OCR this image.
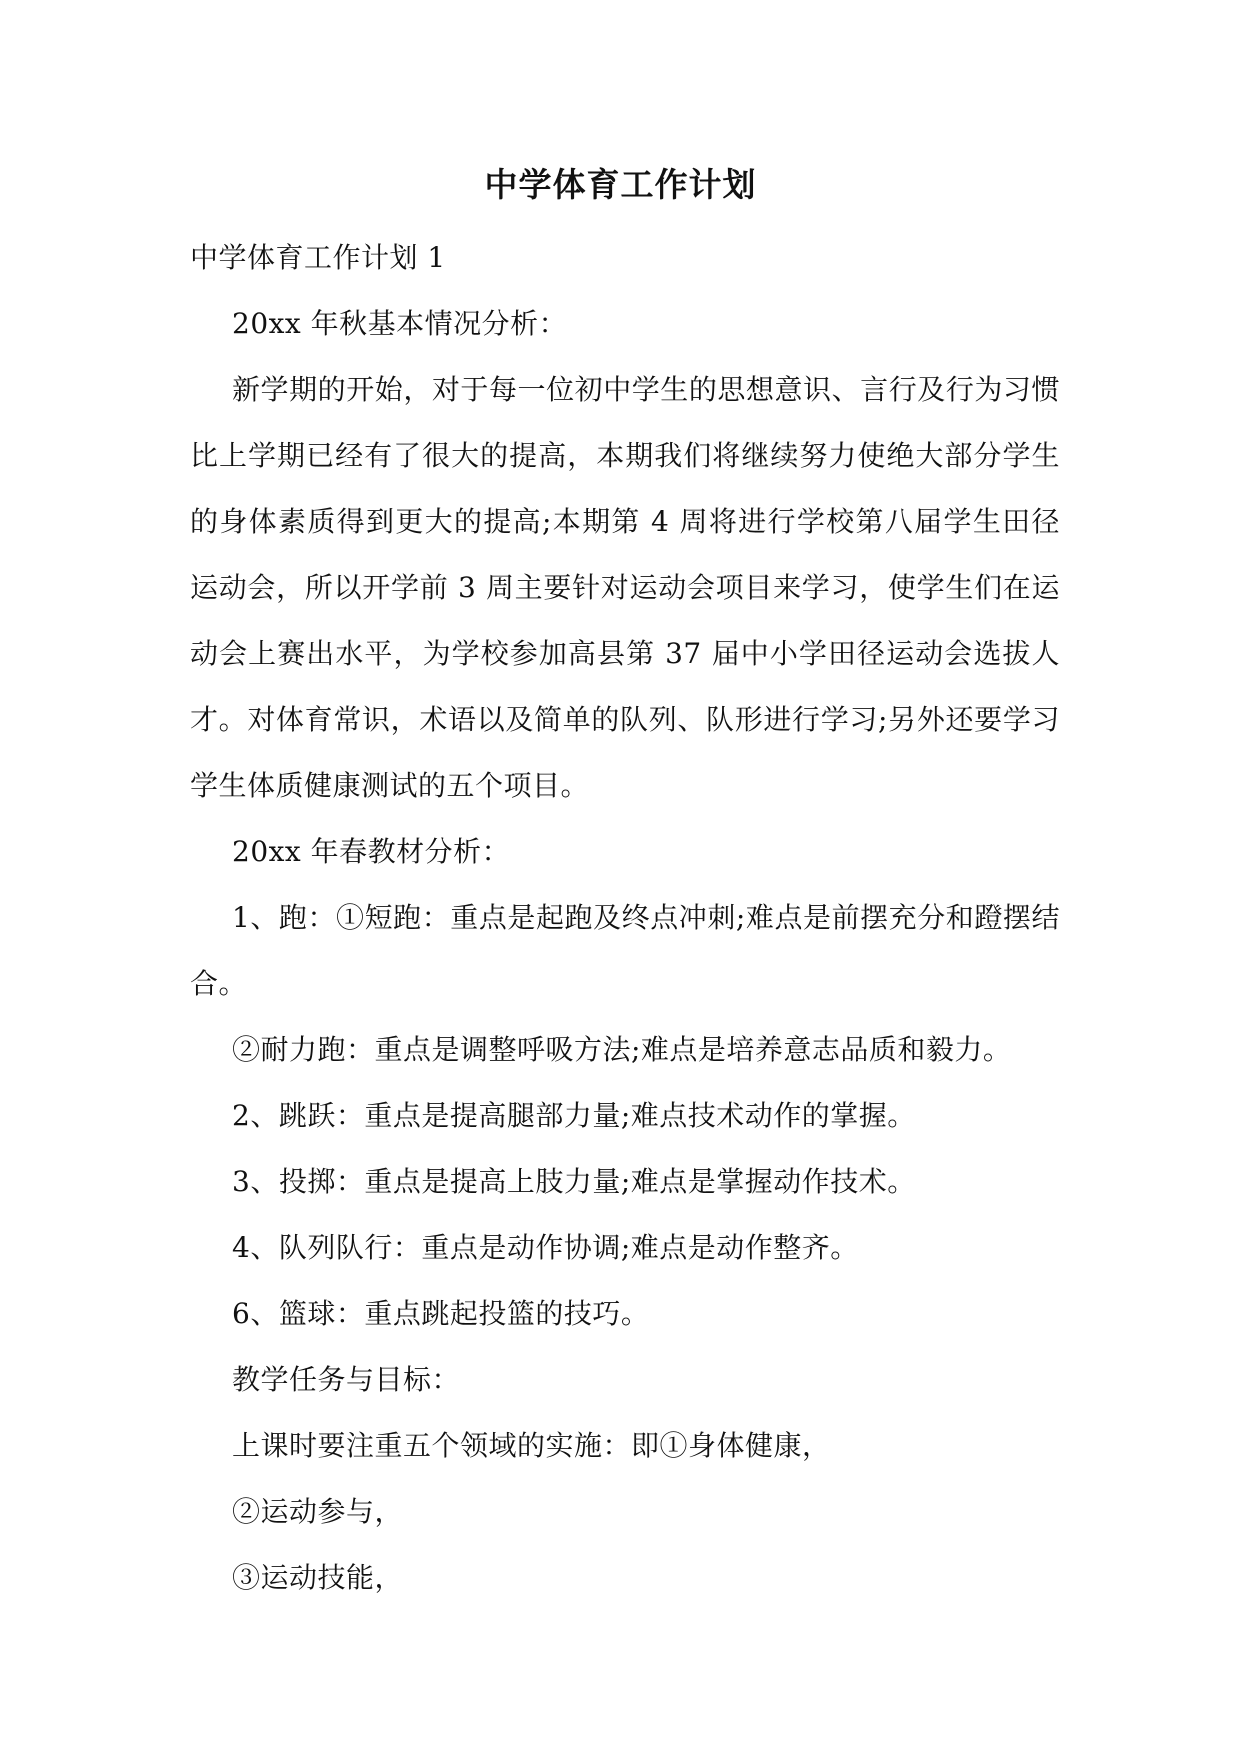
中学体育工作计划

中学体育工作计划 1

20xx 年秋基本情况分析：

新学期的开始，对于每一位初中学生的思想意识、言行及行为习惯比上学期已经有了很大的提高，本期我们将继续努力使绝大部分学生的身体素质得到更大的提高;本期第 4 周将进行学校第八届学生田径运动会，所以开学前 3 周主要针对运动会项目来学习，使学生们在运动会上赛出水平，为学校参加高县第 37 届中小学田径运动会选拔人才。对体育常识，术语以及简单的队列、队形进行学习;另外还要学习学生体质健康测试的五个项目。

20xx 年春教材分析：

1、跑：①短跑：重点是起跑及终点冲刺;难点是前摆充分和蹬摆结合。

②耐力跑：重点是调整呼吸方法;难点是培养意志品质和毅力。

2、跳跃：重点是提高腿部力量;难点技术动作的掌握。

3、投掷：重点是提高上肢力量;难点是掌握动作技术。

4、队列队行：重点是动作协调;难点是动作整齐。

6、篮球：重点跳起投篮的技巧。

教学任务与目标：

上课时要注重五个领域的实施：即①身体健康，

②运动参与，

③运动技能，
